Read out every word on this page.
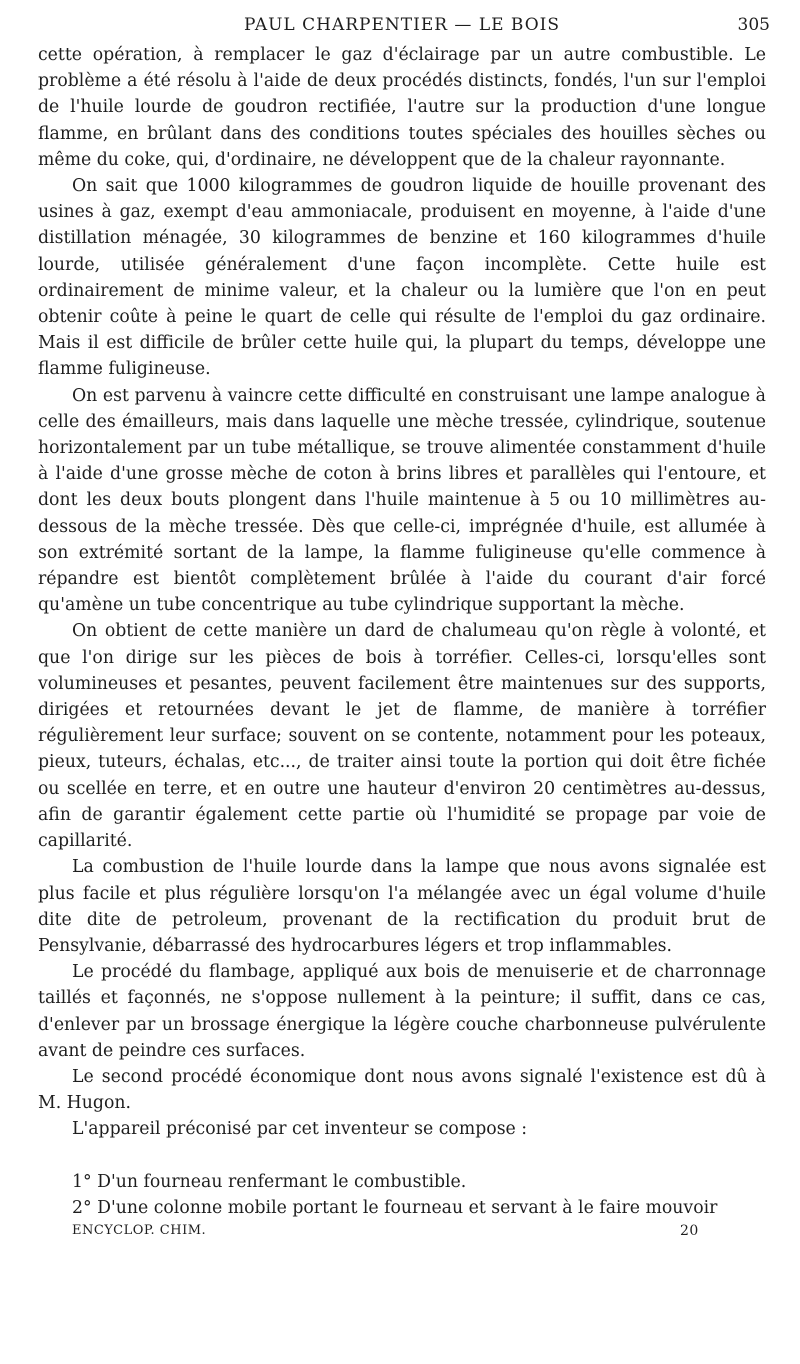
PAUL CHARPENTIER — LE BOIS	305

cette opération, à remplacer le gaz d'éclairage par un autre combustible. Le problème a été résolu à l'aide de deux procédés distincts, fondés, l'un sur l'emploi de l'huile lourde de goudron rectifiée, l'autre sur la production d'une longue flamme, en brûlant dans des conditions toutes spéciales des houilles sèches ou même du coke, qui, d'ordinaire, ne développent que de la chaleur rayonnante.

On sait que 1000 kilogrammes de goudron liquide de houille provenant des usines à gaz, exempt d'eau ammoniacale, produisent en moyenne, à l'aide d'une distillation ménagée, 30 kilogrammes de benzine et 160 kilogrammes d'huile lourde, utilisée généralement d'une façon incomplète. Cette huile est ordinairement de minime valeur, et la chaleur ou la lumière que l'on en peut obtenir coûte à peine le quart de celle qui résulte de l'emploi du gaz ordinaire. Mais il est difficile de brûler cette huile qui, la plupart du temps, développe une flamme fuligineuse.

On est parvenu à vaincre cette difficulté en construisant une lampe analogue à celle des émailleurs, mais dans laquelle une mèche tressée, cylindrique, soutenue horizontalement par un tube métallique, se trouve alimentée constamment d'huile à l'aide d'une grosse mèche de coton à brins libres et parallèles qui l'entoure, et dont les deux bouts plongent dans l'huile maintenue à 5 ou 10 millimètres au-dessous de la mèche tressée. Dès que celle-ci, imprégnée d'huile, est allumée à son extrémité sortant de la lampe, la flamme fuligineuse qu'elle commence à répandre est bientôt complètement brûlée à l'aide du courant d'air forcé qu'amène un tube concentrique au tube cylindrique supportant la mèche.

On obtient de cette manière un dard de chalumeau qu'on règle à volonté, et que l'on dirige sur les pièces de bois à torréfier. Celles-ci, lorsqu'elles sont volumineuses et pesantes, peuvent facilement être maintenues sur des supports, dirigées et retournées devant le jet de flamme, de manière à torréfier régulièrement leur surface; souvent on se contente, notamment pour les poteaux, pieux, tuteurs, échalas, etc..., de traiter ainsi toute la portion qui doit être fichée ou scellée en terre, et en outre une hauteur d'environ 20 centimètres au-dessus, afin de garantir également cette partie où l'humidité se propage par voie de capillarité.

La combustion de l'huile lourde dans la lampe que nous avons signalée est plus facile et plus régulière lorsqu'on l'a mélangée avec un égal volume d'huile dite dite de petroleum, provenant de la rectification du produit brut de Pensylvanie, débarrassé des hydrocarbures légers et trop inflammables.

Le procédé du flambage, appliqué aux bois de menuiserie et de charronnage taillés et façonnés, ne s'oppose nullement à la peinture; il suffit, dans ce cas, d'enlever par un brossage énergique la légère couche charbonneuse pulvérulente avant de peindre ces surfaces.

Le second procédé économique dont nous avons signalé l'existence est dû à M. Hugon.

L'appareil préconisé par cet inventeur se compose :

1° D'un fourneau renfermant le combustible.

2° D'une colonne mobile portant le fourneau et servant à le faire mouvoir

ENCYCLOP. CHIM.	20
